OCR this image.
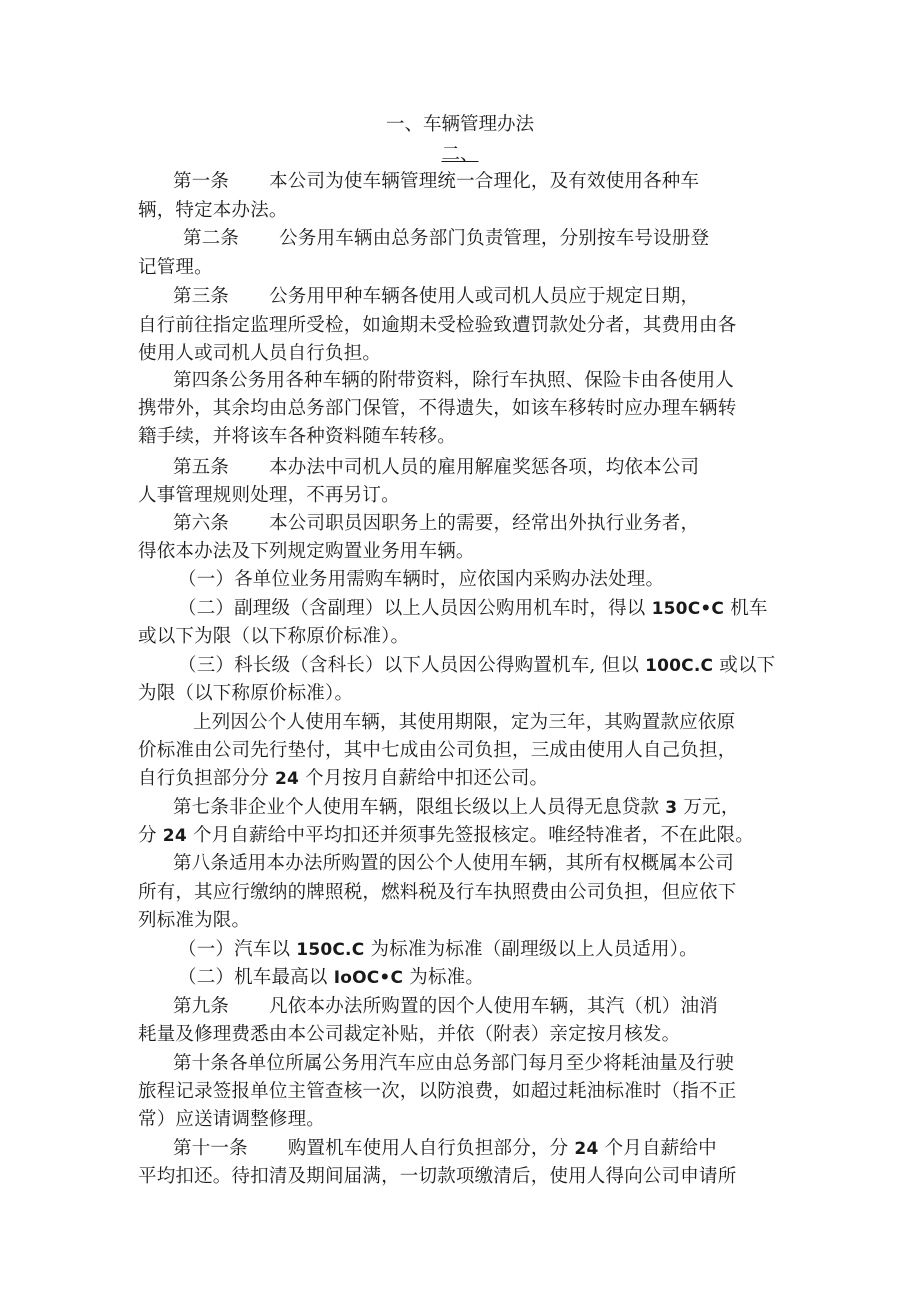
一、车辆管理办法
二、
第一条 本公司为使车辆管理统一合理化，及有效使用各种车
辆，特定本办法。
第二条 公务用车辆由总务部门负责管理，分别按车号设册登
记管理。
第三条 公务用甲种车辆各使用人或司机人员应于规定日期，
自行前往指定监理所受检，如逾期未受检验致遭罚款处分者，其费用由各
使用人或司机人员自行负担。
第四条公务用各种车辆的附带资料，除行车执照、保险卡由各使用人
携带外，其余均由总务部门保管，不得遗失，如该车移转时应办理车辆转
籍手续，并将该车各种资料随车转移。
第五条 本办法中司机人员的雇用解雇奖惩各项，均依本公司
人事管理规则处理，不再另订。
第六条 本公司职员因职务上的需要，经常出外执行业务者，
得依本办法及下列规定购置业务用车辆。
（一）各单位业务用需购车辆时，应依国内采购办法处理。
（二）副理级（含副理）以上人员因公购用机车时，得以 150C•C 机车
或以下为限（以下称原价标准）。
（三）科长级（含科长）以下人员因公得购置机车, 但以 100C.C 或以下
为限（以下称原价标准）。
上列因公个人使用车辆，其使用期限，定为三年，其购置款应依原
价标准由公司先行垫付，其中七成由公司负担，三成由使用人自己负担，
自行负担部分分 24 个月按月自薪给中扣还公司。
第七条非企业个人使用车辆，限组长级以上人员得无息贷款 3 万元，
分 24 个月自薪给中平均扣还并须事先签报核定。唯经特准者，不在此限。
第八条适用本办法所购置的因公个人使用车辆，其所有权概属本公司
所有，其应行缴纳的牌照税，燃料税及行车执照费由公司负担，但应依下
列标准为限。
（一）汽车以 150C.C 为标准为标准（副理级以上人员适用）。
（二）机车最高以 IoOC•C 为标准。
第九条 凡依本办法所购置的因个人使用车辆，其汽（机）油消
耗量及修理费悉由本公司裁定补贴，并依（附表）亲定按月核发。
第十条各单位所属公务用汽车应由总务部门每月至少将耗油量及行驶
旅程记录签报单位主管查核一次，以防浪费，如超过耗油标准时（指不正
常）应送请调整修理。
第十一条 购置机车使用人自行负担部分，分 24 个月自薪给中
平均扣还。待扣清及期间届满，一切款项缴清后，使用人得向公司申请所
